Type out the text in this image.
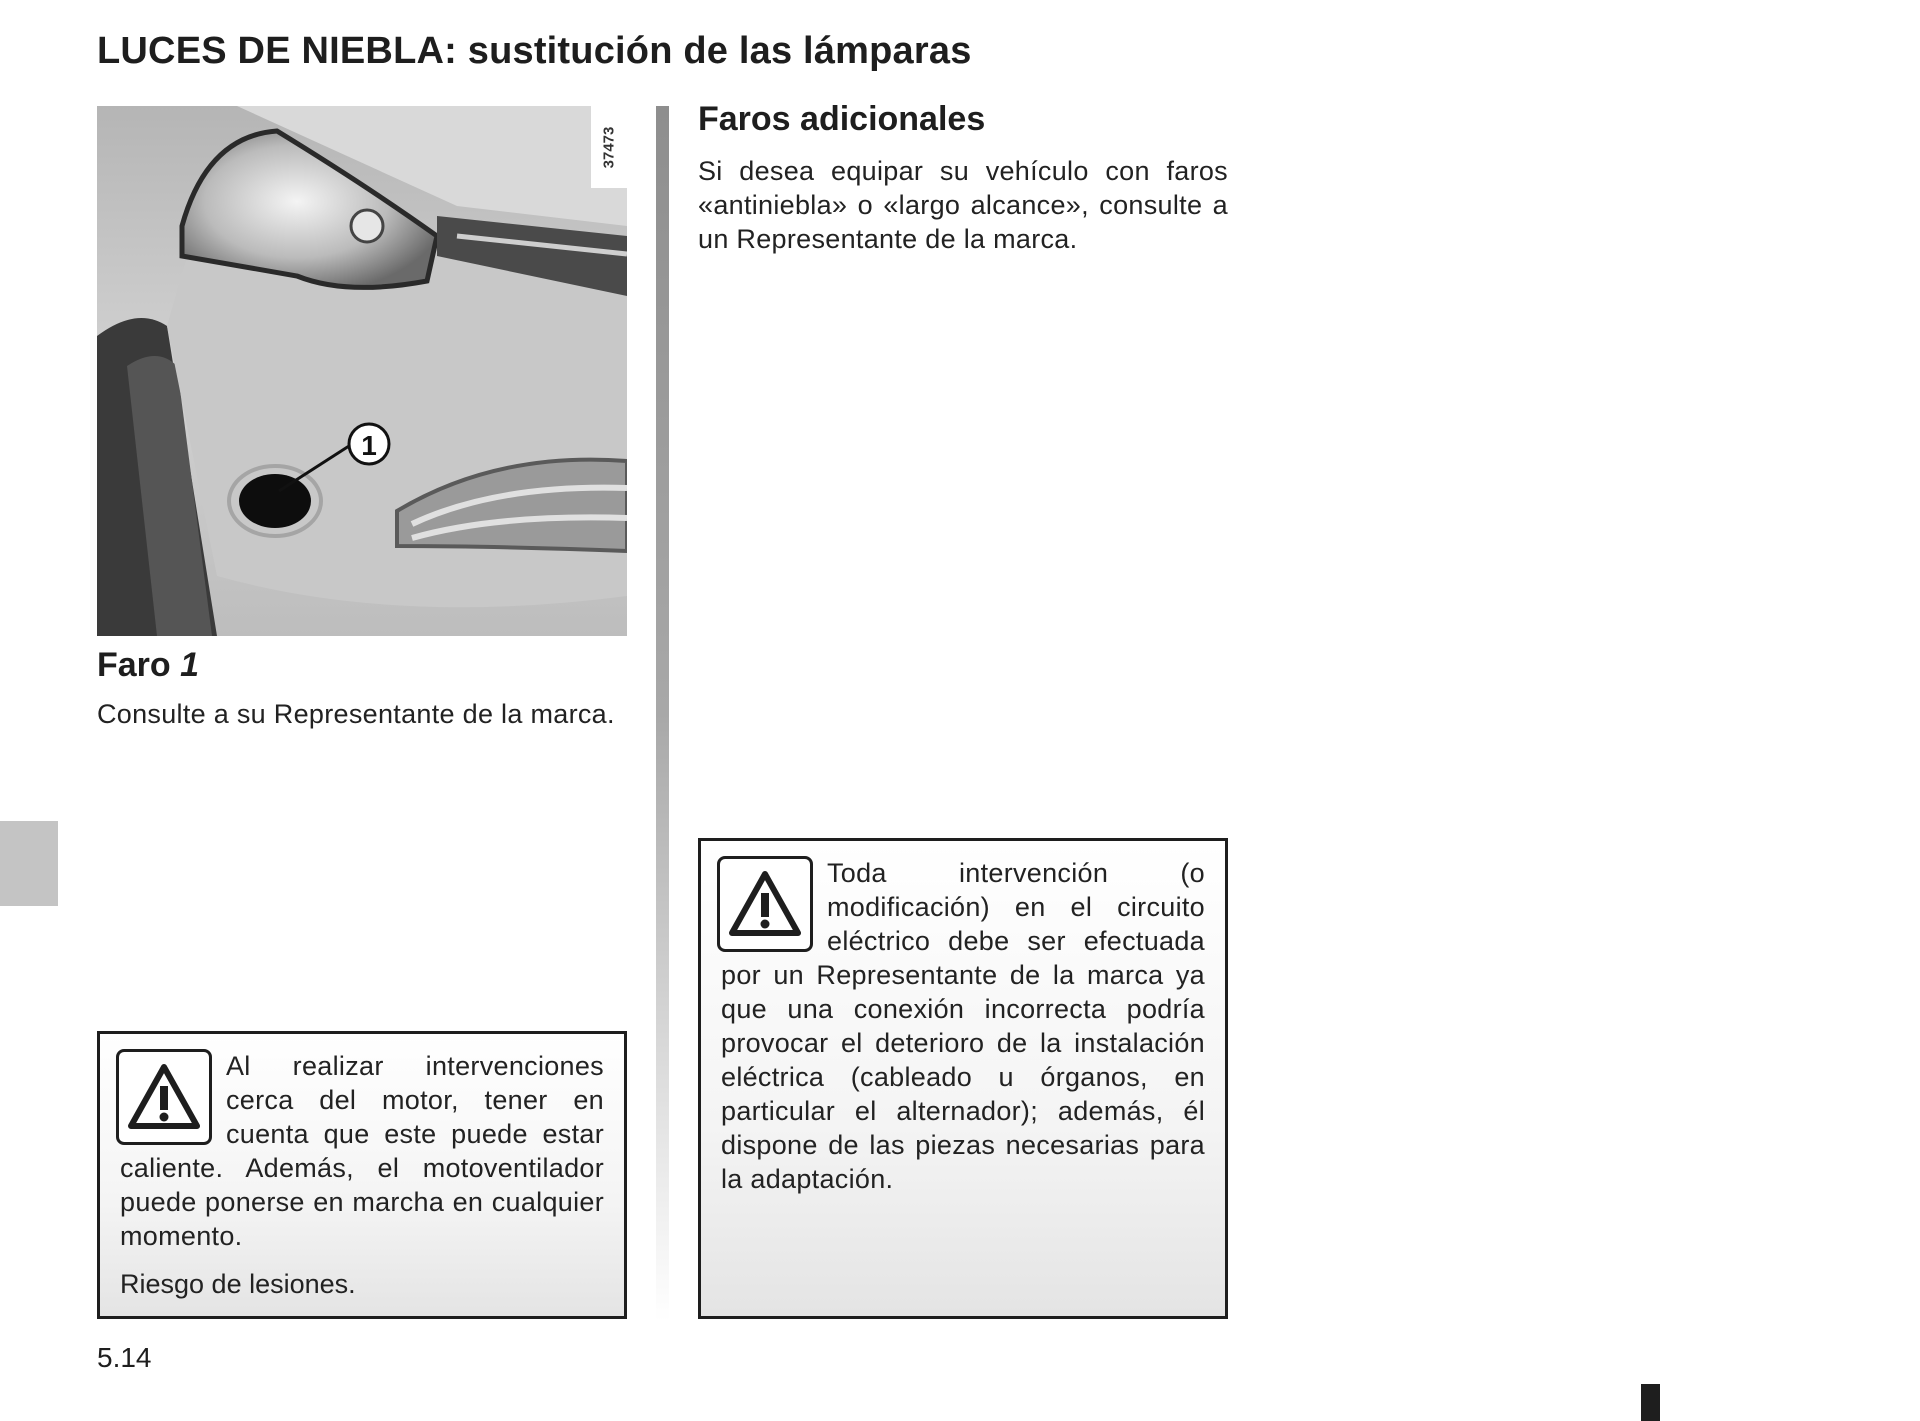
LUCES DE NIEBLA: sustitución de las lámparas
1
37473
Faro 1

Consulte a su Representante de la marca.

Faros adicionales

Si desea equipar su vehículo con faros «antiniebla» o «largo alcance», consulte a un Representante de la marca.

Al realizar intervenciones cerca del motor, tener en cuenta que este puede estar caliente. Además, el motoventilador puede ponerse en marcha en cualquier momento.

Riesgo de lesiones.

Toda intervención (o modificación) en el circuito eléctrico debe ser efectuada por un Representante de la marca ya que una conexión incorrecta podría provocar el deterioro de la instalación eléctrica (cableado u órganos, en particular el alternador); además, él dispone de las piezas necesarias para la adaptación.

5.14
